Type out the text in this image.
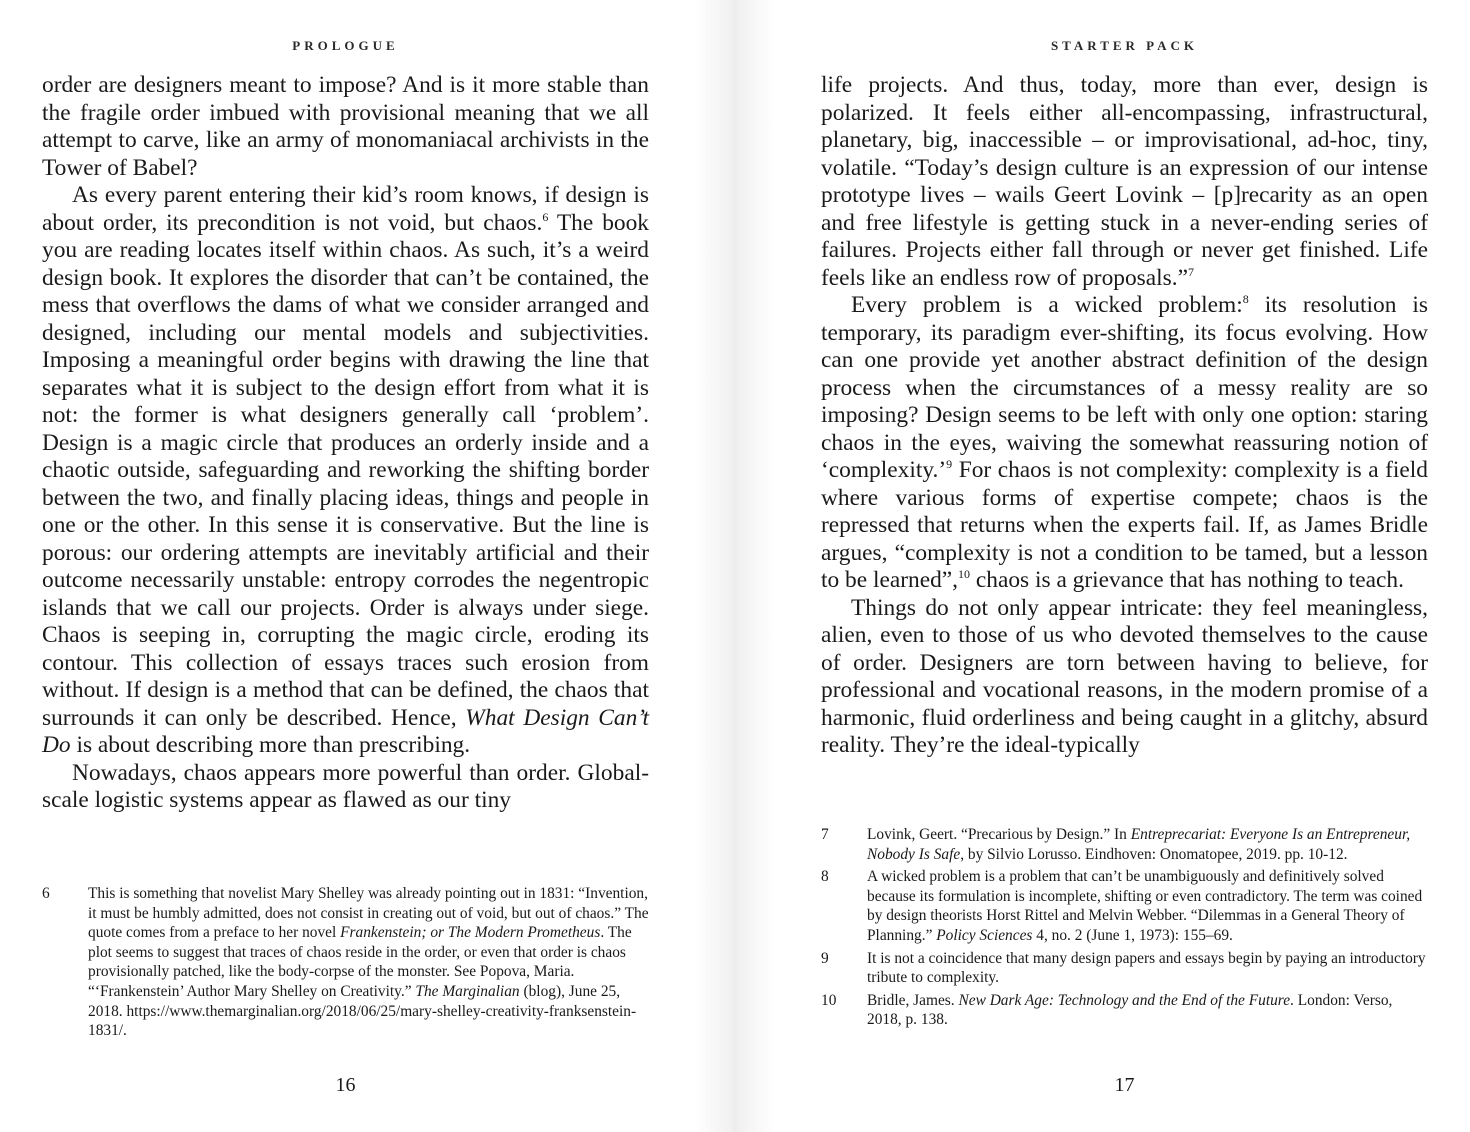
PROLOGUE

order are designers meant to impose? And is it more stable than the fragile order imbued with provisional meaning that we all attempt to carve, like an army of monomaniacal archivists in the Tower of Babel?

As every parent entering their kid’s room knows, if design is about order, its precondition is not void, but chaos.$^6$ The book you are reading locates itself within chaos. As such, it’s a weird design book. It explores the disorder that can’t be contained, the mess that overflows the dams of what we consider arranged and designed, including our mental models and subjectivities. Imposing a meaningful order begins with drawing the line that separates what it is subject to the design effort from what it is not: the former is what designers generally call ‘problem’. Design is a magic circle that produces an orderly inside and a chaotic outside, safeguarding and reworking the shifting border between the two, and finally placing ideas, things and people in one or the other. In this sense it is conservative. But the line is porous: our ordering attempts are inevitably artificial and their outcome necessarily unstable: entropy corrodes the negentropic islands that we call our projects. Order is always under siege. Chaos is seeping in, corrupting the magic circle, eroding its contour. This collection of essays traces such erosion from without. If design is a method that can be defined, the chaos that surrounds it can only be described. Hence, What Design Can’t Do is about describing more than prescribing.

Nowadays, chaos appears more powerful than order. Global-scale logistic systems appear as flawed as our tiny

6	This is something that novelist Mary Shelley was already pointing out in 1831: “Invention, it must be humbly admitted, does not consist in creating out of void, but out of chaos.” The quote comes from a preface to her novel Frankenstein; or The Modern Prometheus. The plot seems to suggest that traces of chaos reside in the order, or even that order is chaos provisionally patched, like the body-corpse of the monster. See Popova, Maria. “‘Frankenstein’ Author Mary Shelley on Creativity.” The Marginalian (blog), June 25, 2018. https://www.themarginalian.org/2018/06/25/mary-shelley-creativity-franksenstein-1831/.
16
STARTER PACK

life projects. And thus, today, more than ever, design is polarized. It feels either all-encompassing, infrastructural, planetary, big, inaccessible – or improvisational, ad-hoc, tiny, volatile. “Today’s design culture is an expression of our intense prototype lives – wails Geert Lovink – [p]recarity as an open and free lifestyle is getting stuck in a never-ending series of failures. Projects either fall through or never get finished. Life feels like an endless row of proposals.”$^7$

Every problem is a wicked problem:$^8$ its resolution is temporary, its paradigm ever-shifting, its focus evolving. How can one provide yet another abstract definition of the design process when the circumstances of a messy reality are so imposing? Design seems to be left with only one option: staring chaos in the eyes, waiving the somewhat reassuring notion of ‘complexity.’$^9$ For chaos is not complexity: complexity is a field where various forms of expertise compete; chaos is the repressed that returns when the experts fail. If, as James Bridle argues, “complexity is not a condition to be tamed, but a lesson to be learned”,$^{10}$ chaos is a grievance that has nothing to teach.

Things do not only appear intricate: they feel meaningless, alien, even to those of us who devoted themselves to the cause of order. Designers are torn between having to believe, for professional and vocational reasons, in the modern promise of a harmonic, fluid orderliness and being caught in a glitchy, absurd reality. They’re the ideal-typically

7	Lovink, Geert. “Precarious by Design.” In Entreprecariat: Everyone Is an Entrepreneur, Nobody Is Safe, by Silvio Lorusso. Eindhoven: Onomatopee, 2019. pp. 10-12.
8	A wicked problem is a problem that can’t be unambiguously and definitively solved because its formulation is incomplete, shifting or even contradictory. The term was coined by design theorists Horst Rittel and Melvin Webber. “Dilemmas in a General Theory of Planning.” Policy Sciences 4, no. 2 (June 1, 1973): 155–69.
9	It is not a coincidence that many design papers and essays begin by paying an introductory tribute to complexity.
10	Bridle, James. New Dark Age: Technology and the End of the Future. London: Verso, 2018, p. 138.
17
